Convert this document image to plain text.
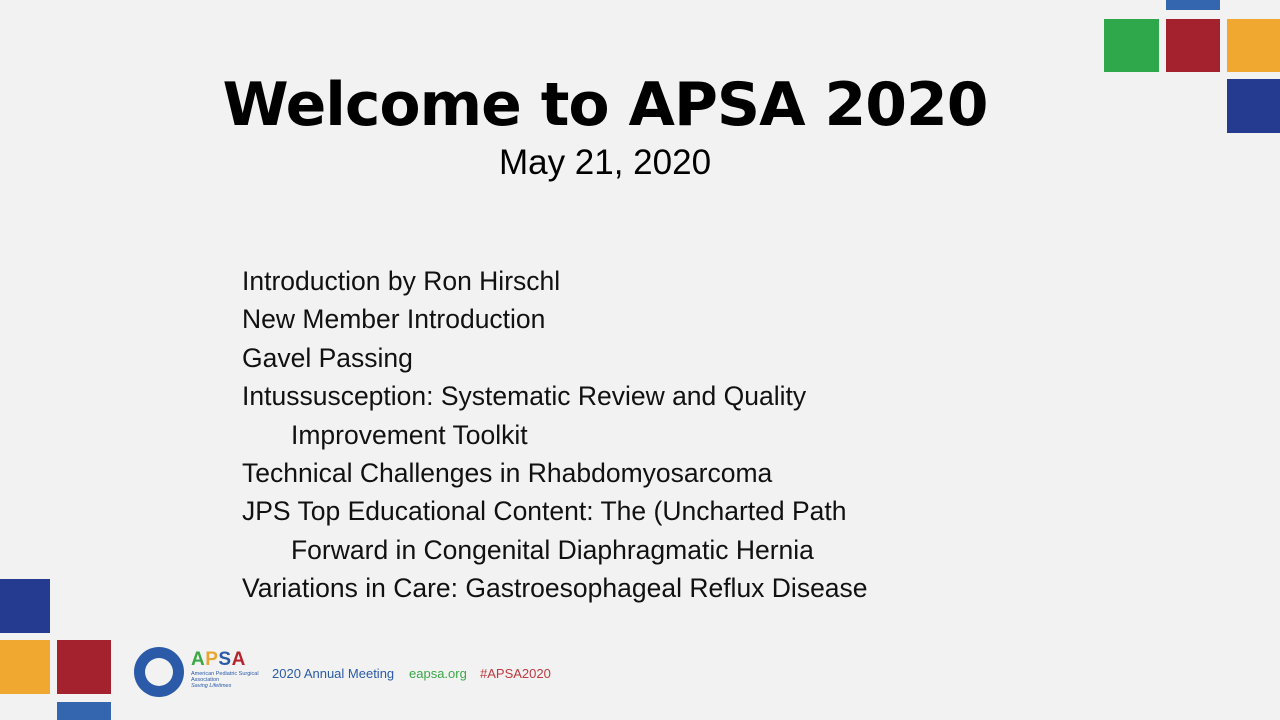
Welcome to APSA 2020
May 21, 2020
Introduction by Ron Hirschl
New Member Introduction
Gavel Passing
Intussusception: Systematic Review and Quality
Improvement Toolkit
Technical Challenges in Rhabdomyosarcoma
JPS Top Educational Content: The (Uncharted Path
Forward in Congenital Diaphragmatic Hernia
Variations in Care: Gastroesophageal Reflux Disease
APSA
American Pediatric Surgical Association
Saving Lifetimes
2020 Annual Meeting eapsa.org #APSA2020
